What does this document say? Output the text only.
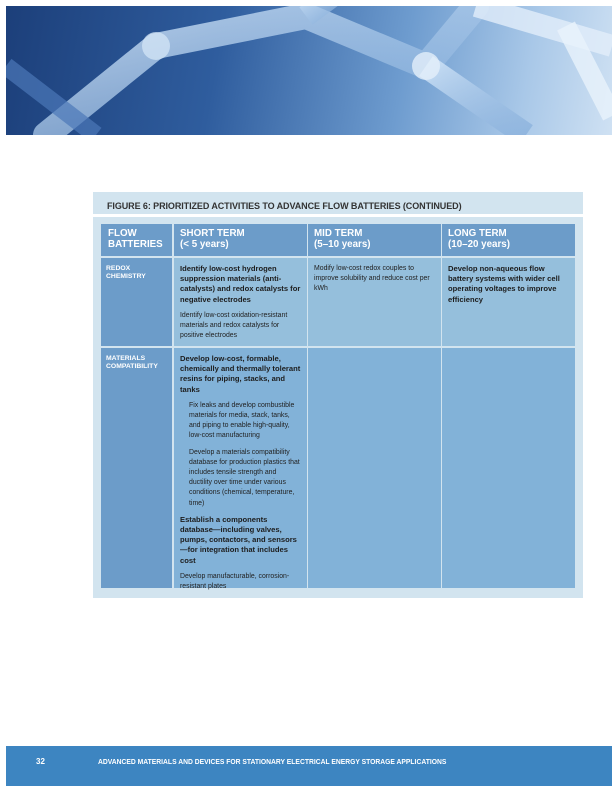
FIGURE 6: PRIORITIZED ACTIVITIES TO ADVANCE FLOW BATTERIES (CONTINUED)
FLOW
BATTERIES
SHORT TERM
(< 5 years)
MID TERM
(5–10 years)
LONG TERM
(10–20 years)
REDOX
CHEMISTRY

Identify low-cost hydrogen suppression materials (anti-catalysts) and redox catalysts for negative electrodes

Identify low-cost oxidation-resistant materials and redox catalysts for positive electrodes

Modify low-cost redox couples to improve solubility and reduce cost per kWh

Develop non-aqueous flow battery systems with wider cell operating voltages to improve efficiency

MATERIALS
COMPATIBILITY

Develop low-cost, formable, chemically and thermally tolerant resins for piping, stacks, and tanks

Fix leaks and develop combustible materials for media, stack, tanks, and piping to enable high-quality, low-cost manufacturing

Develop a materials compatibility database for production plastics that includes tensile strength and ductility over time under various conditions (chemical, temperature, time)

Establish a components database—including valves, pumps, contactors, and sensors—for integration that includes cost

Develop manufacturable, corrosion-resistant plates

32	ADVANCED MATERIALS AND DEVICES FOR STATIONARY ELECTRICAL ENERGY STORAGE APPLICATIONS
